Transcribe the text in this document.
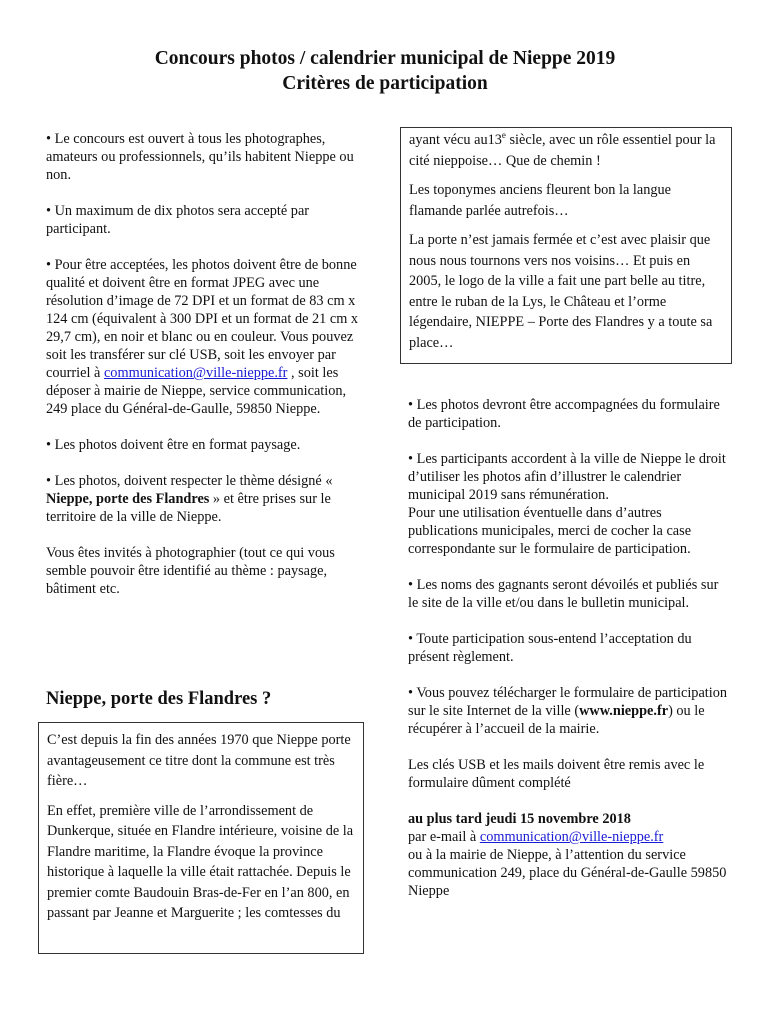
Concours photos / calendrier municipal de Nieppe 2019
Critères de participation

• Le concours est ouvert à tous les photographes, amateurs ou professionnels, qu’ils habitent Nieppe ou non.

• Un maximum de dix photos sera accepté par participant.

• Pour être acceptées, les photos doivent être de bonne qualité et doivent être en format JPEG avec une résolution d’image de 72 DPI et un format de 83 cm x 124 cm (équivalent à 300 DPI et un format de 21 cm x 29,7 cm), en noir et blanc ou en couleur. Vous pouvez soit les transférer sur clé USB, soit les envoyer par courriel à communication@ville-nieppe.fr , soit les déposer à mairie de Nieppe, service communication, 249 place du Général-de-Gaulle, 59850 Nieppe.

• Les photos doivent être en format paysage.

• Les photos, doivent respecter le thème désigné « Nieppe, porte des Flandres » et être prises sur le territoire de la ville de Nieppe.

Vous êtes invités à photographier (tout ce qui vous semble pouvoir être identifié au thème : paysage, bâtiment etc.

Nieppe, porte des Flandres ?

C’est depuis la fin des années 1970 que Nieppe porte avantageusement ce titre dont la commune est très fière…

En effet, première ville de l’arrondissement de Dunkerque, située en Flandre intérieure, voisine de la Flandre maritime, la Flandre évoque la province historique à laquelle la ville était rattachée. Depuis le premier comte Baudouin Bras-de-Fer en l’an 800, en passant par Jeanne et Marguerite ; les comtesses du

ayant vécu au13e siècle, avec un rôle essentiel pour la cité nieppoise… Que de chemin !

Les toponymes anciens fleurent bon la langue flamande parlée autrefois…

La porte n’est jamais fermée et c’est avec plaisir que nous nous tournons vers nos voisins… Et puis en 2005, le logo de la ville a fait une part belle au titre, entre le ruban de la Lys, le Château et l’orme légendaire, NIEPPE – Porte des Flandres y a toute sa place…

• Les photos devront être accompagnées du formulaire de participation.

• Les participants accordent à la ville de Nieppe le droit d’utiliser les photos afin d’illustrer le calendrier municipal 2019 sans rémunération.

Pour une utilisation éventuelle dans d’autres publications municipales, merci de cocher la case correspondante sur le formulaire de participation.

• Les noms des gagnants seront dévoilés et publiés sur le site de la ville et/ou dans le bulletin municipal.

• Toute participation sous-entend l’acceptation du présent règlement.

• Vous pouvez télécharger le formulaire de participation sur le site Internet de la ville (www.nieppe.fr) ou le récupérer à l’accueil de la mairie.

Les clés USB et les mails doivent être remis avec le formulaire dûment complété

au plus tard jeudi 15 novembre 2018

par e-mail à communication@ville-nieppe.fr

ou à la mairie de Nieppe, à l’attention du service communication 249, place du Général-de-Gaulle 59850 Nieppe
